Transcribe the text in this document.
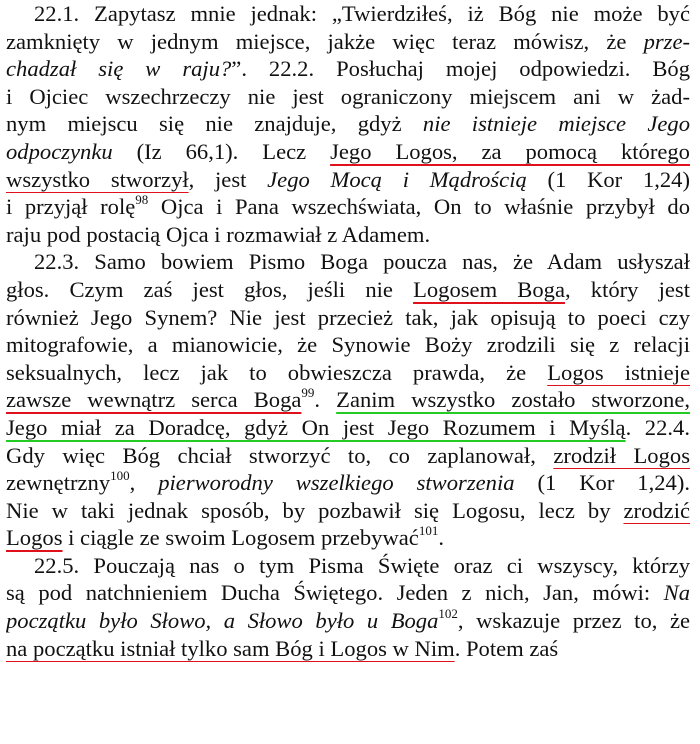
22.1. Zapytasz mnie jednak: „Twierdziłeś, iż Bóg nie może być
zamknięty w jednym miejsce, jakże więc teraz mówisz, że prze-
chadzał się w raju?”. 22.2. Posłuchaj mojej odpowiedzi. Bóg
i Ojciec wszechrzeczy nie jest ograniczony miejscem ani w żad-
nym miejscu się nie znajduje, gdyż nie istnieje miejsce Jego
odpoczynku (Iz 66,1). Lecz Jego Logos, za pomocą którego
wszystko stworzył, jest Jego Mocą i Mądrością (1 Kor 1,24)
i przyjął rolę$^{98}$ Ojca i Pana wszechświata, On to właśnie przybył do
raju pod postacią Ojca i rozmawiał z Adamem.
22.3. Samo bowiem Pismo Boga poucza nas, że Adam usłyszał
głos. Czym zaś jest głos, jeśli nie Logosem Boga, który jest
również Jego Synem? Nie jest przecież tak, jak opisują to poeci czy
mitografowie, a mianowicie, że Synowie Boży zrodzili się z relacji
seksualnych, lecz jak to obwieszcza prawda, że Logos istnieje
zawsze wewnątrz serca Boga$^{99}$. Zanim wszystko zostało stworzone,
Jego miał za Doradcę, gdyż On jest Jego Rozumem i Myślą. 22.4.
Gdy więc Bóg chciał stworzyć to, co zaplanował, zrodził Logos
zewnętrzny$^{100}$, pierworodny wszelkiego stworzenia (1 Kor 1,24).
Nie w taki jednak sposób, by pozbawił się Logosu, lecz by zrodzić
Logos i ciągle ze swoim Logosem przebywać$^{101}$.
22.5. Pouczają nas o tym Pisma Święte oraz ci wszyscy, którzy
są pod natchnieniem Ducha Świętego. Jeden z nich, Jan, mówi: Na
początku było Słowo, a Słowo było u Boga$^{102}$, wskazuje przez to, że
na początku istniał tylko sam Bóg i Logos w Nim. Potem zaś
